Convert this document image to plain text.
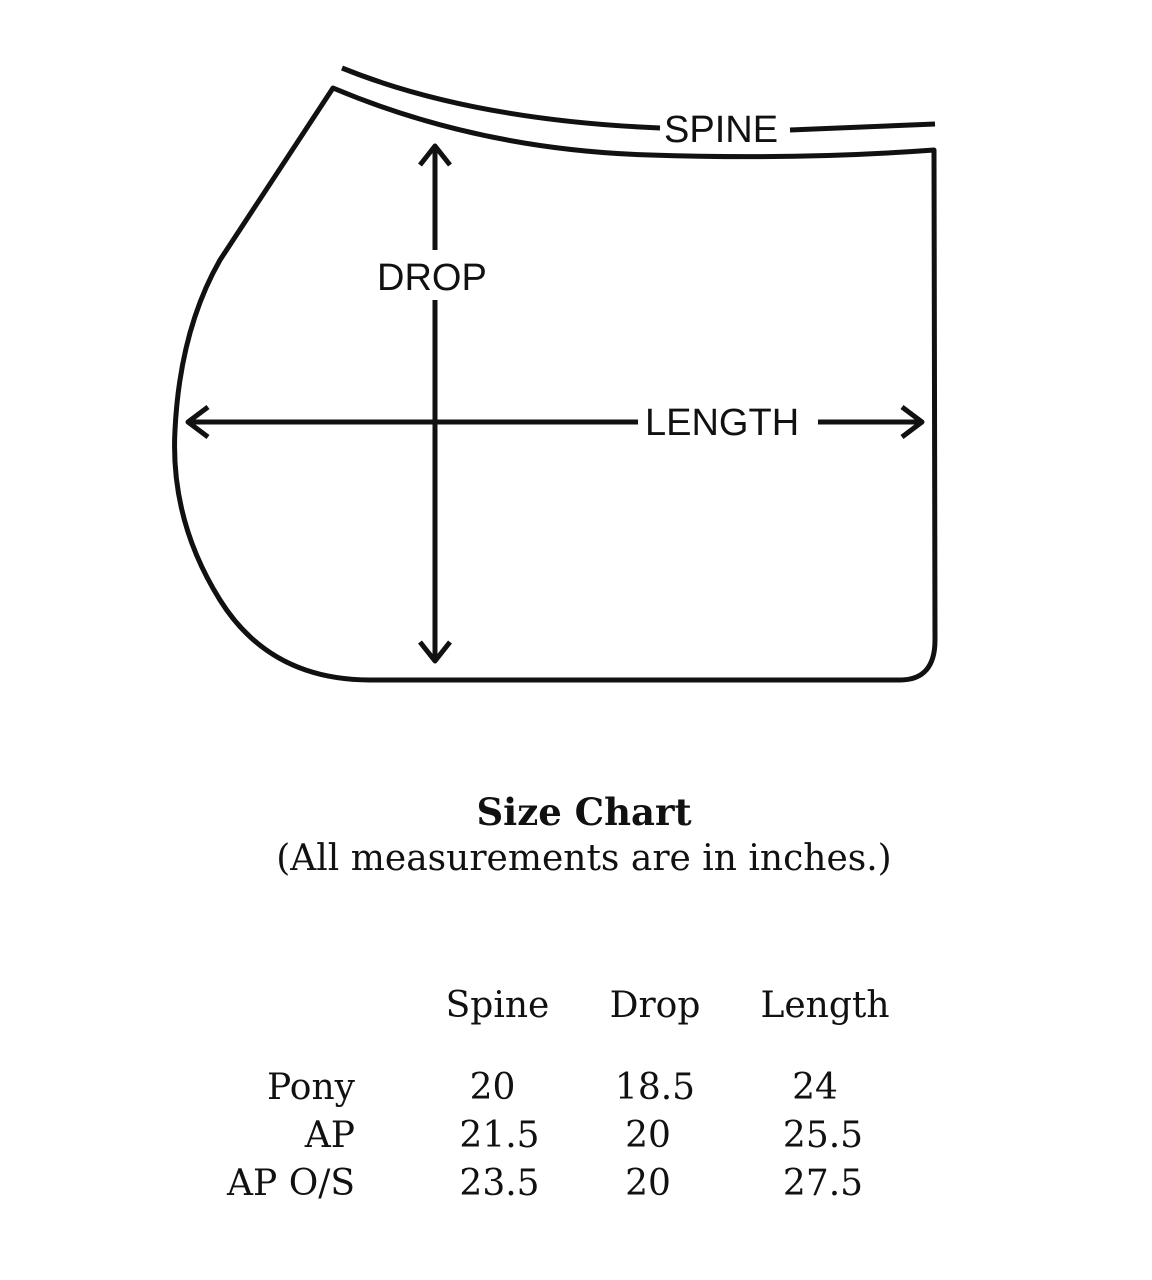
SPINE
DROP
LENGTH
Size Chart
(All measurements are in inches.)
Spine	Drop	Length
Pony	20	18.5	24
AP	21.5	20	25.5
AP O/S	23.5	20	27.5
